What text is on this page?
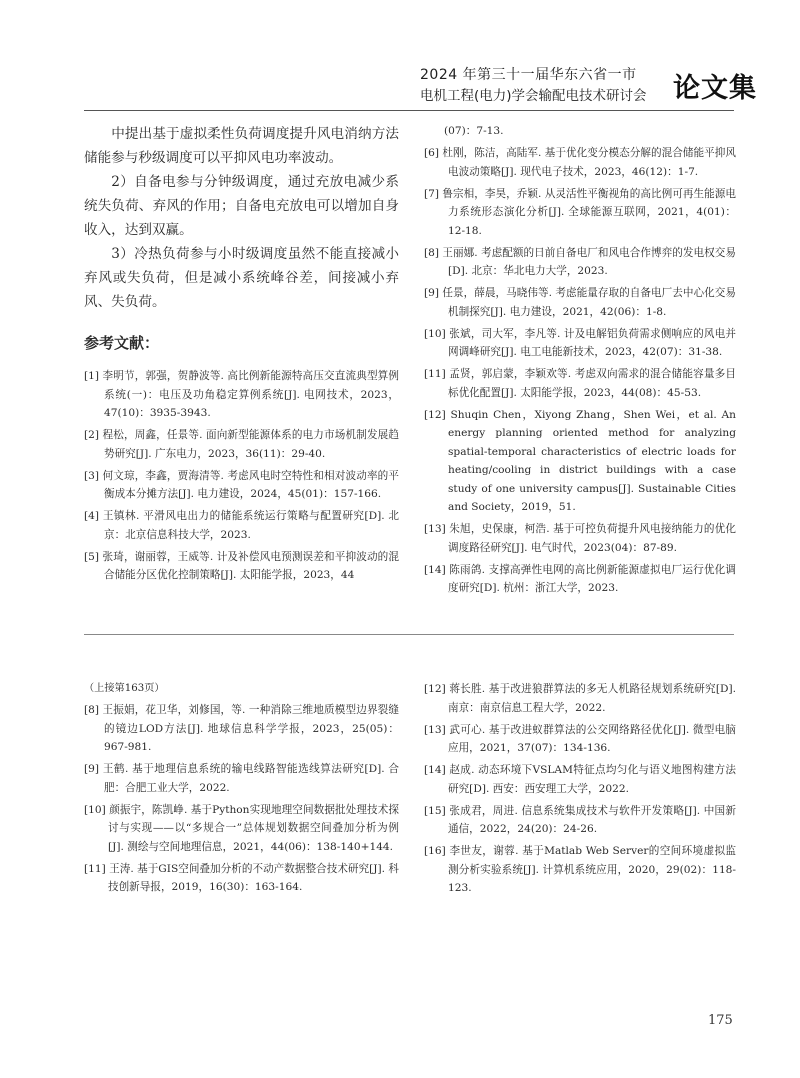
2024 年第三十一届华东六省一市
电机工程(电力)学会输配电技术研讨会 论文集

中提出基于虚拟柔性负荷调度提升风电消纳方法储能参与秒级调度可以平抑风电功率波动。

2）自备电参与分钟级调度，通过充放电减少系统失负荷、弃风的作用；自备电充放电可以增加自身收入，达到双赢。

3）冷热负荷参与小时级调度虽然不能直接减小弃风或失负荷，但是减小系统峰谷差，间接减小弃风、失负荷。

参考文献：

[1] 李明节，郭强，贺静波等. 高比例新能源特高压交直流典型算例系统(一)：电压及功角稳定算例系统[J]. 电网技术，2023，47(10)：3935-3943.

[2] 程松，周鑫，任景等. 面向新型能源体系的电力市场机制发展趋势研究[J]. 广东电力，2023，36(11)：29-40.

[3] 何文琼，李鑫，贾海清等. 考虑风电时空特性和相对波动率的平衡成本分摊方法[J]. 电力建设，2024，45(01)：157-166.

[4] 王镇林. 平滑风电出力的储能系统运行策略与配置研究[D]. 北京：北京信息科技大学，2023.

[5] 张琦，谢丽蓉，王威等. 计及补偿风电预测误差和平抑波动的混合储能分区优化控制策略[J]. 太阳能学报，2023，44

(07)：7-13.

[6] 杜刚，陈洁，高陆军. 基于优化变分模态分解的混合储能平抑风电波动策略[J]. 现代电子技术，2023，46(12)：1-7.

[7] 鲁宗相，李昊，乔颖. 从灵活性平衡视角的高比例可再生能源电力系统形态演化分析[J]. 全球能源互联网，2021，4(01)：12-18.

[8] 王丽娜. 考虑配额的日前自备电厂和风电合作博弈的发电权交易[D]. 北京：华北电力大学，2023.

[9] 任景，薛晨，马晓伟等. 考虑能量存取的自备电厂去中心化交易机制探究[J]. 电力建设，2021，42(06)：1-8.

[10] 张斌，司大军，李凡等. 计及电解铝负荷需求侧响应的风电并网调峰研究[J]. 电工电能新技术，2023，42(07)：31-38.

[11] 孟贤，郭启蒙，李颖欢等. 考虑双向需求的混合储能容量多目标优化配置[J]. 太阳能学报，2023，44(08)：45-53.

[12] Shuqin Chen，Xiyong Zhang，Shen Wei，et al. An energy planning oriented method for analyzing spatial-temporal characteristics of electric loads for heating/cooling in district buildings with a case study of one university campus[J]. Sustainable Cities and Society，2019，51.

[13] 朱旭，史保康，柯浩. 基于可控负荷提升风电接纳能力的优化调度路径研究[J]. 电气时代，2023(04)：87-89.

[14] 陈雨鸽. 支撑高弹性电网的高比例新能源虚拟电厂运行优化调度研究[D]. 杭州：浙江大学，2023.

（上接第163页）

[8] 王振娟，花卫华，刘修国，等. 一种消除三维地质模型边界裂缝的镜边LOD方法[J]. 地球信息科学学报，2023，25(05)：967-981.

[9] 王鹤. 基于地理信息系统的输电线路智能选线算法研究[D]. 合肥：合肥工业大学，2022.

[10] 颜振宇，陈凯峥. 基于Python实现地理空间数据批处理技术探讨与实现——以“多规合一”总体规划数据空间叠加分析为例[J]. 测绘与空间地理信息，2021，44(06)：138-140+144.

[11] 王涛. 基于GIS空间叠加分析的不动产数据整合技术研究[J]. 科技创新导报，2019，16(30)：163-164.

[12] 蒋长胜. 基于改进狼群算法的多无人机路径规划系统研究[D]. 南京：南京信息工程大学，2022.

[13] 武可心. 基于改进蚁群算法的公交网络路径优化[J]. 微型电脑应用，2021，37(07)：134-136.

[14] 赵成. 动态环境下VSLAM特征点均匀化与语义地图构建方法研究[D]. 西安：西安理工大学，2022.

[15] 张成君，周进. 信息系统集成技术与软件开发策略[J]. 中国新通信，2022，24(20)：24-26.

[16] 李世友，谢蓉. 基于Matlab Web Server的空间环境虚拟监测分析实验系统[J]. 计算机系统应用，2020，29(02)：118-123.

175
